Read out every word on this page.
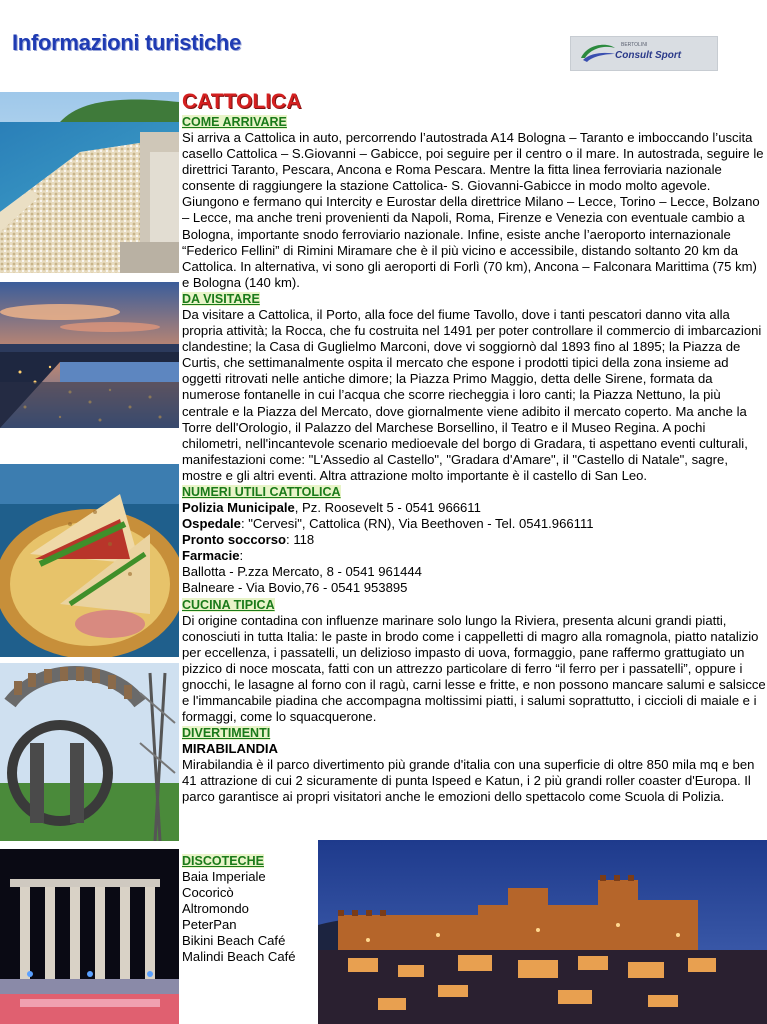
Informazioni turistiche	BERTOLINI
Consult Sport
CATTOLICA
COME ARRIVARE

Si arriva a Cattolica in auto, percorrendo l’autostrada A14 Bologna – Taranto e imboccando l’uscita casello Cattolica – S.Giovanni – Gabicce, poi seguire per il centro o il mare. In autostrada, seguire le direttrici Taranto, Pescara, Ancona e Roma Pescara. Mentre la fitta linea ferroviaria nazionale consente di raggiungere la stazione Cattolica- S. Giovanni-Gabicce in modo molto agevole. Giungono e fermano qui Intercity e Eurostar della direttrice Milano – Lecce, Torino – Lecce, Bolzano – Lecce, ma anche treni provenienti da Napoli, Roma, Firenze e Venezia con eventuale cambio a Bologna, importante snodo ferroviario nazionale. Infine, esiste anche l’aeroporto internazionale “Federico Fellini” di Rimini Miramare che è il più vicino e accessibile, distando soltanto 20 km da Cattolica. In alternativa, vi sono gli aeroporti di Forlì (70 km), Ancona – Falconara Marittima (75 km) e Bologna (140 km).

DA VISITARE

Da visitare a Cattolica, il Porto, alla foce del fiume Tavollo, dove i tanti pescatori danno vita alla propria attività; la Rocca, che fu costruita nel 1491 per poter controllare il commercio di imbarcazioni clandestine; la Casa di Guglielmo Marconi, dove vi soggiornò dal 1893 fino al 1895; la Piazza de Curtis, che settimanalmente ospita il mercato che espone i prodotti tipici della zona insieme ad oggetti ritrovati nelle antiche dimore; la Piazza Primo Maggio, detta delle Sirene, formata da numerose fontanelle in cui l’acqua che scorre riecheggia i loro canti; la Piazza Nettuno, la più centrale e la Piazza del Mercato, dove giornalmente viene adibito il mercato coperto. Ma anche la Torre dell'Orologio, il Palazzo del Marchese Borsellino, il Teatro e il Museo Regina. A pochi chilometri, nell'incantevole scenario medioevale del borgo di Gradara, ti aspettano eventi culturali, manifestazioni come: "L'Assedio al Castello", "Gradara d'Amare", il "Castello di Natale", sagre, mostre e gli altri eventi. Altra attrazione molto importante è il castello di San Leo.

NUMERI UTILI CATTOLICA
Polizia Municipale, Pz. Roosevelt 5 - 0541 966611
Ospedale: "Cervesi", Cattolica (RN), Via Beethoven - Tel. 0541.966111
Pronto soccorso: 118
Farmacie:
Ballotta - P.zza Mercato, 8 - 0541 961444
Balneare - Via Bovio,76 - 0541 953895
CUCINA TIPICA

Di origine contadina con influenze marinare solo lungo la Riviera, presenta alcuni grandi piatti, conosciuti in tutta Italia: le paste in brodo come i cappelletti di magro alla romagnola, piatto natalizio per eccellenza, i passatelli, un delizioso impasto di uova, formaggio, pane raffermo grattugiato un pizzico di noce moscata, fatti con un attrezzo particolare di ferro “il ferro per i passatelli”, oppure i gnocchi, le lasagne al forno con il ragù, carni lesse e fritte, e non possono mancare salumi e salsicce e l'immancabile piadina che accompagna moltissimi piatti, i salumi soprattutto, i ciccioli di maiale e i formaggi, come lo squacquerone.

DIVERTIMENTI
MIRABILANDIA

Mirabilandia è il parco divertimento più grande d'italia con una superficie di oltre 850 mila mq e ben 41 attrazione di cui 2 sicuramente di punta Ispeed e Katun, i 2 più grandi roller coaster d'Europa. Il parco garantisce ai propri visitatori anche le emozioni dello spettacolo come Scuola di Polizia.

DISCOTECHE
Baia Imperiale
Cocoricò
Altromondo
PeterPan
Bikini Beach Café
Malindi Beach Café
